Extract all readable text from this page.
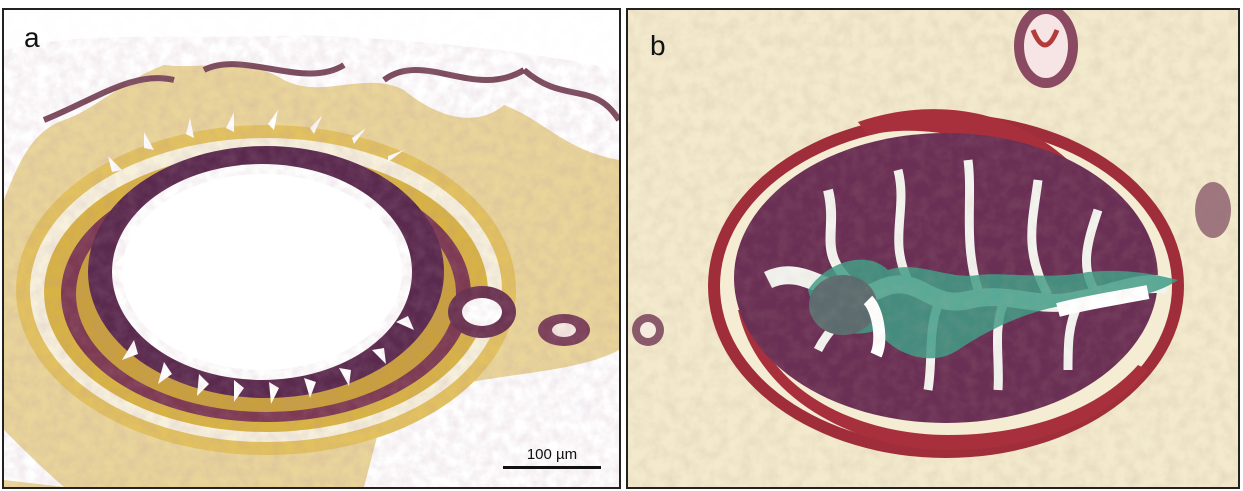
a
100 µm
b
